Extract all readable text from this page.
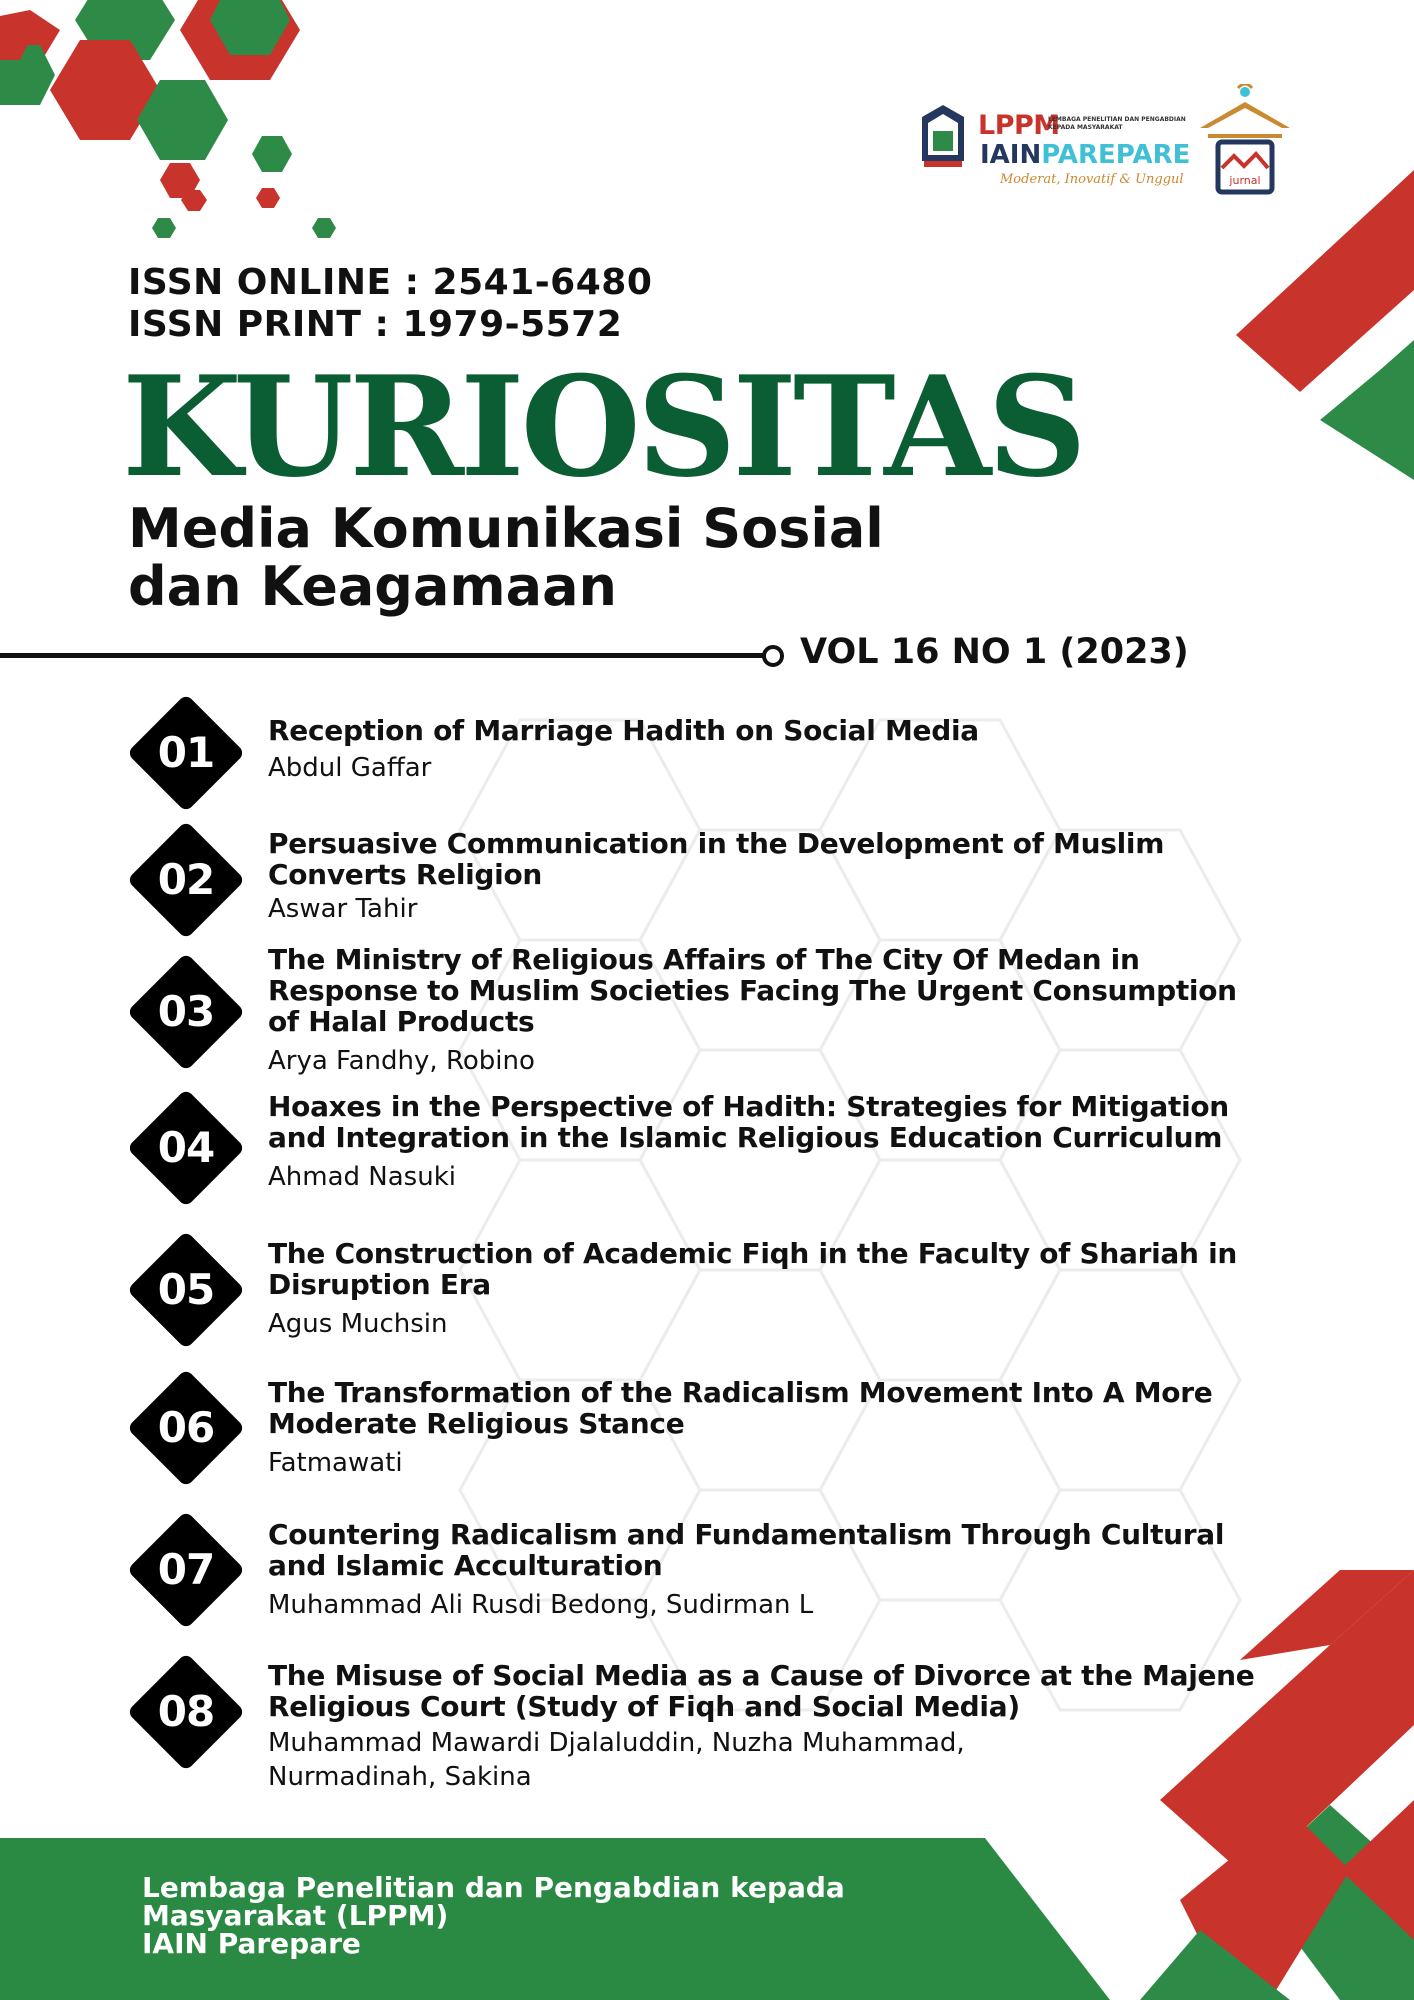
LPPM
LEMBAGA PENELITIAN DAN PENGABDIAN KEPADA MASYARAKAT
IAINPAREPARE
Moderat, Inovatif & Unggul	jurnal
ISSN ONLINE : 2541-6480
ISSN PRINT : 1979-5572
KURIOSITAS
Media Komunikasi Sosial
dan Keagamaan
VOL 16 NO 1 (2023)
01	Reception of Marriage Hadith on Social Media
Abdul Gaffar
02
Persuasive Communication in the Development of Muslim Converts Religion
Aswar Tahir
03
The Ministry of Religious Affairs of The City Of Medan in Response to Muslim Societies Facing The Urgent Consumption of Halal Products
Arya Fandhy, Robino
04
Hoaxes in the Perspective of Hadith: Strategies for Mitigation and Integration in the Islamic Religious Education Curriculum
Ahmad Nasuki
05
The Construction of Academic Fiqh in the Faculty of Shariah in Disruption Era
Agus Muchsin
06
The Transformation of the Radicalism Movement Into A More Moderate Religious Stance
Fatmawati
07
Countering Radicalism and Fundamentalism Through Cultural and Islamic Acculturation
Muhammad Ali Rusdi Bedong, Sudirman L
08
The Misuse of Social Media as a Cause of Divorce at the Majene Religious Court (Study of Fiqh and Social Media)
Muhammad Mawardi Djalaluddin, Nuzha Muhammad,
Nurmadinah, Sakina
Lembaga Penelitian dan Pengabdian kepada
Masyarakat (LPPM)
IAIN Parepare
